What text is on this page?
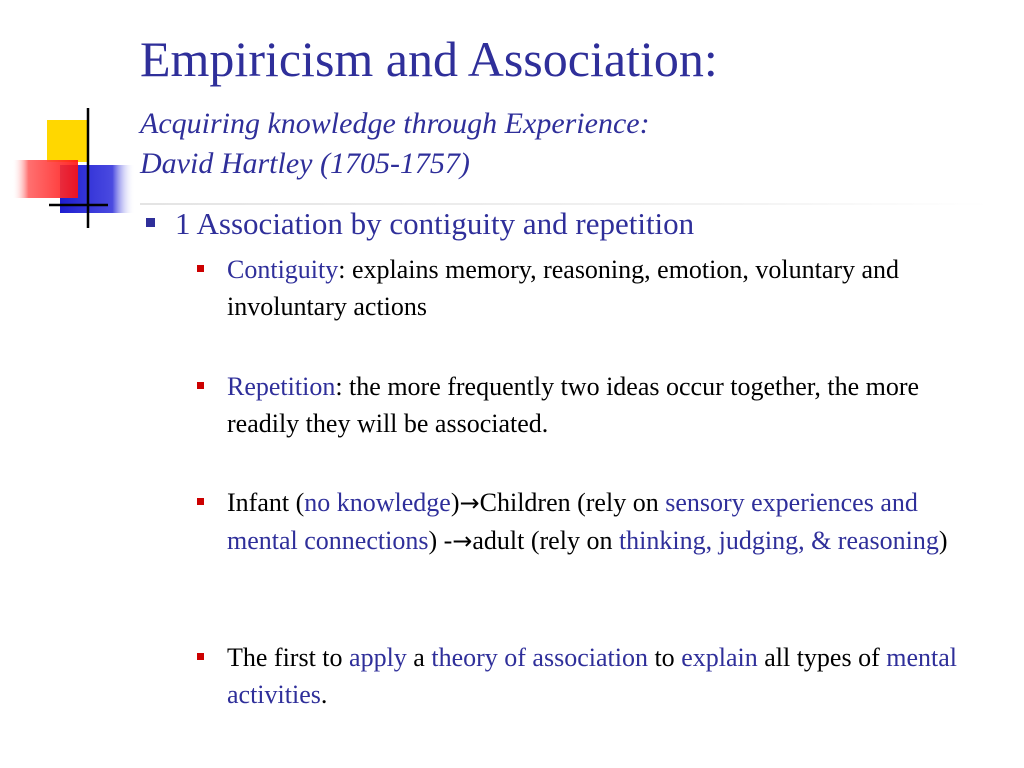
Empiricism and Association:
Acquiring knowledge through Experience:
David Hartley (1705-1757)
1 Association by contiguity and repetition
Contiguity: explains memory, reasoning, emotion, voluntary and involuntary actions
Repetition: the more frequently two ideas occur together, the more readily they will be associated.
Infant (no knowledge)→Children (rely on sensory experiences and mental connections) -→adult (rely on thinking, judging, & reasoning)
The first to apply a theory of association to explain all types of mental activities.
